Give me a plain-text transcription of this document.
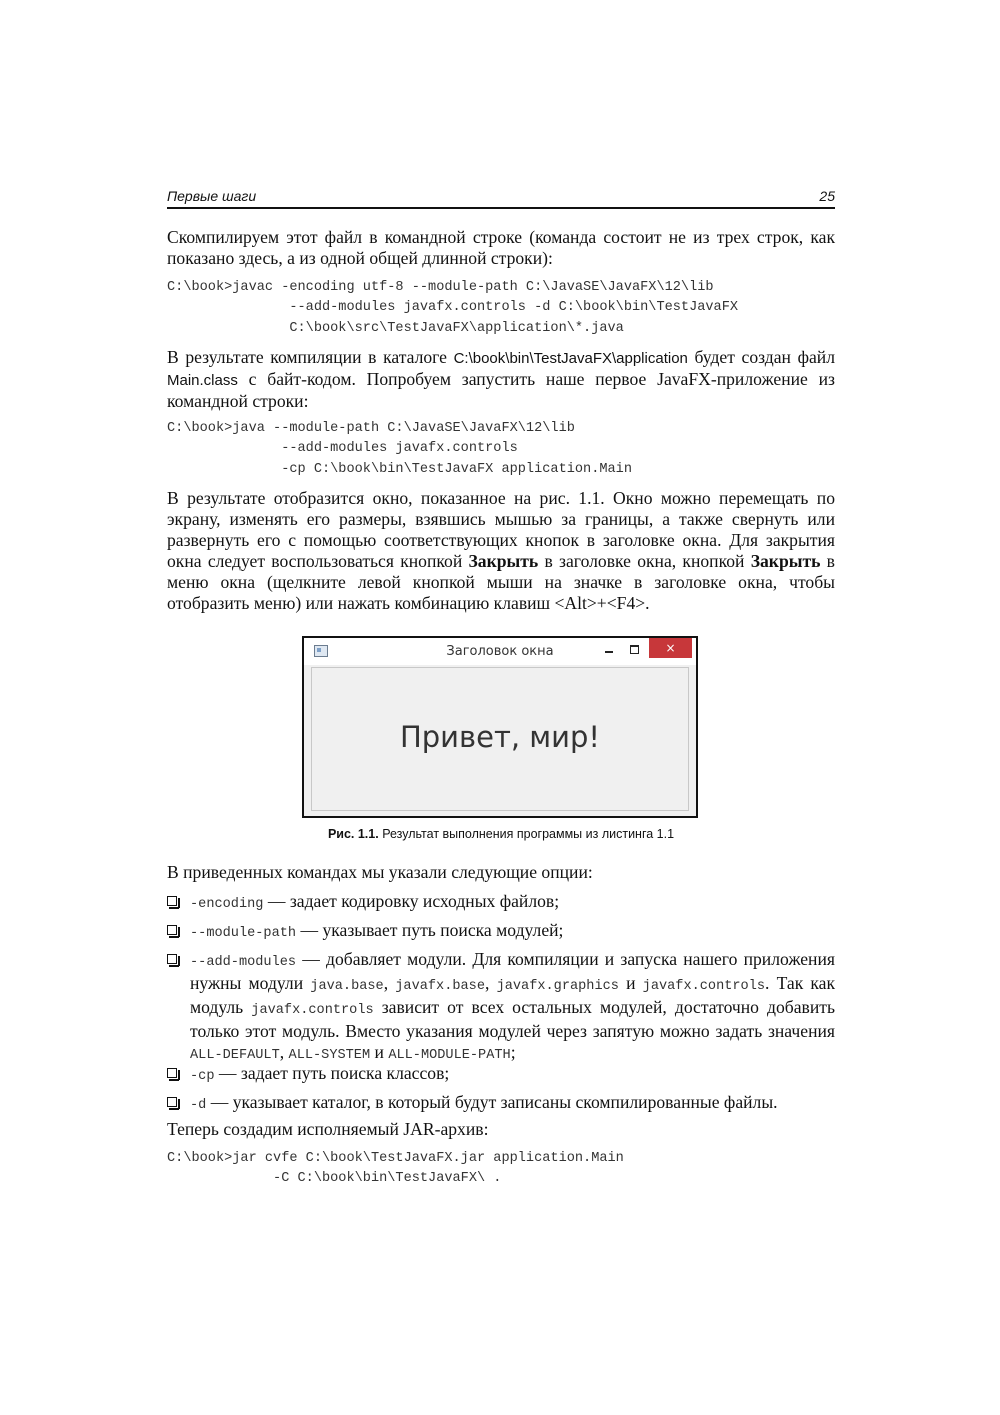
Первые шаги	25
Скомпилируем этот файл в командной строке (команда состоит не из трех строк, как показано здесь, а из одной общей длинной строки):
C:\book>javac -encoding utf-8 --module-path C:\JavaSE\JavaFX\12\lib
--add-modules javafx.controls -d C:\book\bin\TestJavaFX
C:\book\src\TestJavaFX\application\*.java
В результате компиляции в каталоге C:\book\bin\TestJavaFX\application будет создан файл Main.class с байт-кодом. Попробуем запустить наше первое JavaFX-приложение из командной строки:
C:\book>java --module-path C:\JavaSE\JavaFX\12\lib
--add-modules javafx.controls
-cp C:\book\bin\TestJavaFX application.Main
В результате отобразится окно, показанное на рис. 1.1. Окно можно перемещать по экрану, изменять его размеры, взявшись мышью за границы, а также свернуть или развернуть его с помощью соответствующих кнопок в заголовке окна. Для закрытия окна следует воспользоваться кнопкой Закрыть в заголовке окна, кнопкой Закрыть в меню окна (щелкните левой кнопкой мыши на значке в заголовке окна, чтобы отобразить меню) или нажать комбинацию клавиш <Alt>+<F4>.
Заголовок окна	×
Привет, мир!
Рис. 1.1. Результат выполнения программы из листинга 1.1
В приведенных командах мы указали следующие опции:
-encoding — задает кодировку исходных файлов;
--module-path — указывает путь поиска модулей;
--add-modules — добавляет модули. Для компиляции и запуска нашего приложения нужны модули java.base, javafx.base, javafx.graphics и javafx.controls. Так как модуль javafx.controls зависит от всех остальных модулей, достаточно добавить только этот модуль. Вместо указания модулей через запятую можно задать значения ALL-DEFAULT, ALL-SYSTEM и ALL-MODULE-PATH;
-cp — задает путь поиска классов;
-d — указывает каталог, в который будут записаны скомпилированные файлы.
Теперь создадим исполняемый JAR-архив:
C:\book>jar cvfe C:\book\TestJavaFX.jar application.Main
-C C:\book\bin\TestJavaFX\ .
